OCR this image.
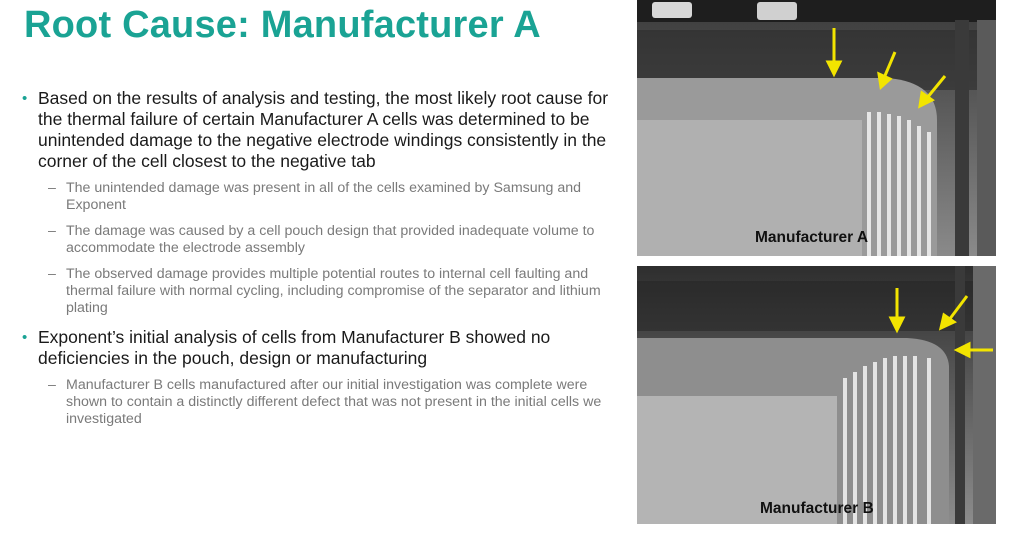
Root Cause: Manufacturer A
• Based on the results of analysis and testing, the most likely root cause for the thermal failure of certain Manufacturer A cells was determined to be unintended damage to the negative electrode windings consistently in the corner of the cell closest to the negative tab
– The unintended damage was present in all of the cells examined by Samsung and Exponent
– The damage was caused by a cell pouch design that provided inadequate volume to accommodate the electrode assembly
– The observed damage provides multiple potential routes to internal cell faulting and thermal failure with normal cycling, including compromise of the separator and lithium plating
• Exponent’s initial analysis of cells from Manufacturer B showed no deficiencies in the pouch, design or manufacturing
– Manufacturer B cells manufactured after our initial investigation was complete were shown to contain a distinctly different defect that was not present in the initial cells we investigated
Manufacturer A
Manufacturer B
